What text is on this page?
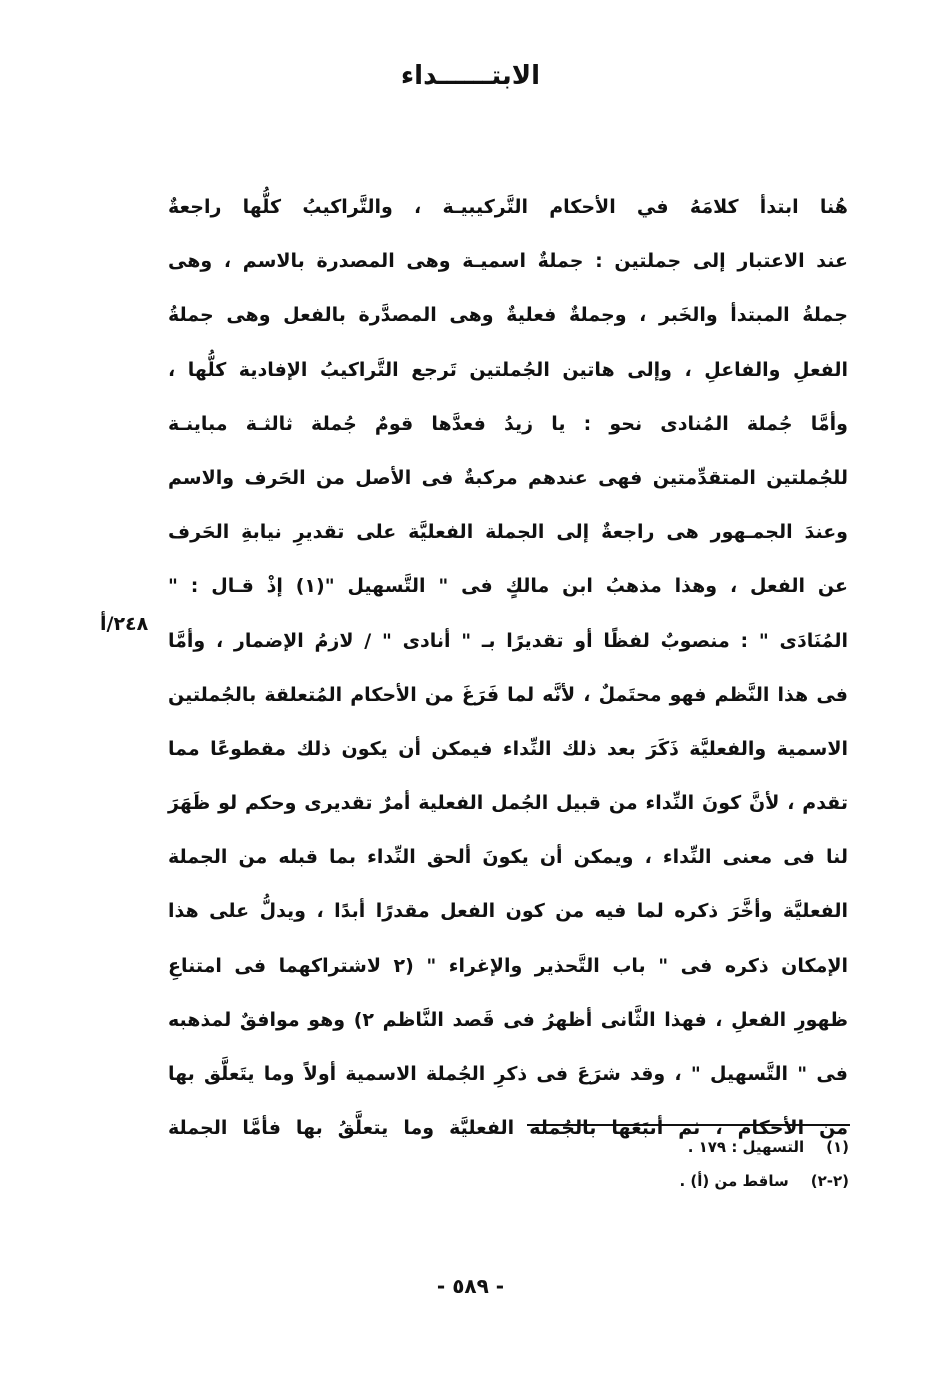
الابتــــــداء
هُنا ابتدأ كلامَهُ في الأحكام التَّركيبيـة ، والتَّراكيبُ كلُّها راجعةٌ
عند الاعتبار إلى جملتين : جملةٌ اسميـة وهى المصدرة بالاسم ، وهى
جملةُ المبتدأ والخَبر ، وجملةٌ فعليةٌ وهى المصدَّرة بالفعل وهى جملةُ
الفعلِ والفاعلِ ، وإلى هاتين الجُملتين تَرجع التَّراكيبُ الإفادية كلُّها ،
وأمَّا جُملة المُنادى نحو : يا زيدُ فعدَّها قومٌ جُملة ثالثـة مباينـة
للجُملتين المتقدِّمتين فهى عندهم مركبةٌ فى الأصل من الحَرف والاسم
وعندَ الجمـهور هى راجعةٌ إلى الجملة الفعليَّة على تقديرِ نيابةِ الحَرف
عن الفعل ، وهذا مذهبُ ابن مالكٍ فى " التَّسهيل "(١) إذْ قـال : "
المُنَادَى " : منصوبٌ لفظًا أو تقديرًا بـ " أنادى " / لازمُ الإضمار ، وأمَّا
فى هذا النَّظم فهو محتَملٌ ، لأنَّه لما فَرَغَ من الأحكام المُتعلقة بالجُملتين
الاسمية والفعليَّة ذَكَرَ بعد ذلك النِّداء فيمكن أن يكون ذلك مقطوعًا مما
تقدم ، لأنَّ كونَ النِّداء من قبيل الجُمل الفعلية أمرٌ تقديرى وحكم لو ظَهَرَ
لنا فى معنى النِّداء ، ويمكن أن يكونَ ألحق النِّداء بما قبله من الجملة
الفعليَّة وأخَّرَ ذكره لما فيه من كون الفعل مقدرًا أبدًا ، ويدلُّ على هذا
الإمكان ذكره فى " باب التَّحذير والإغراء " (٢ لاشتراكهما فى امتناعِ
ظهورِ الفعلِ ، فهذا الثَّانى أظهرُ فى قَصد النَّاظم ٢) وهو موافقٌ لمذهبه
فى " التَّسهيل " ، وقد شرَعَ فى ذكرِ الجُملة الاسمية أولاً وما يتَعلَّق بها
من الأحكام ، ثم أتبَعَها بالجُملة الفعليَّة وما يتعلَّقُ بها فأمَّا الجملة
٢٤٨/أ
(١)التسهيل : ١٧٩ .
(٢-٢)ساقط من (أ) .
- ٥٨٩ -
